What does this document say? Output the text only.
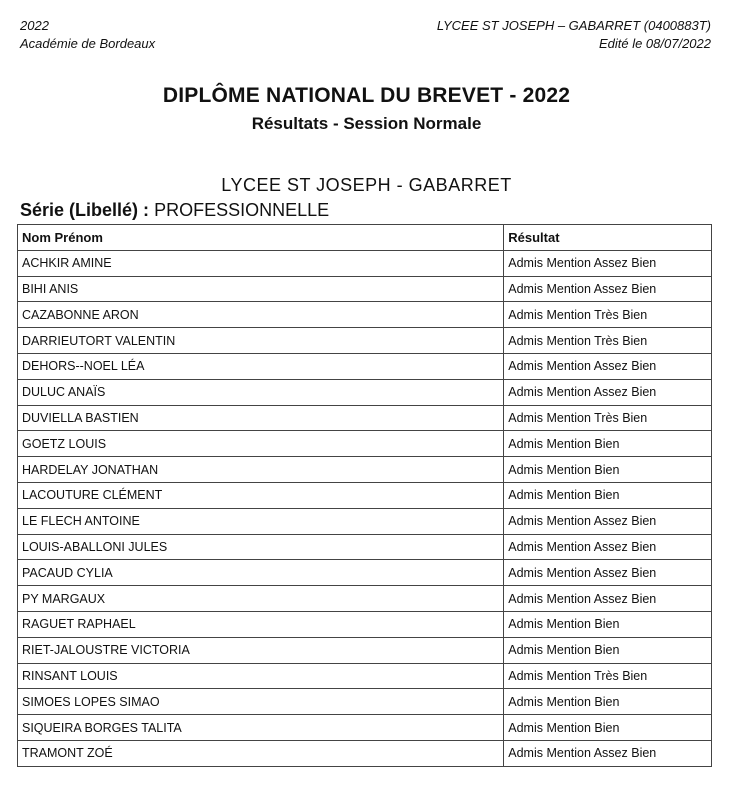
2022
Académie de Bordeaux
LYCEE ST JOSEPH – GABARRET (0400883T)
Edité le 08/07/2022
DIPLÔME NATIONAL DU BREVET - 2022
Résultats - Session Normale
LYCEE ST JOSEPH - GABARRET
Série (Libellé) : PROFESSIONNELLE
Nom Prénom	Résultat
ACHKIR AMINE	Admis Mention Assez Bien
BIHI ANIS	Admis Mention Assez Bien
CAZABONNE ARON	Admis Mention Très Bien
DARRIEUTORT VALENTIN	Admis Mention Très Bien
DEHORS--NOEL LÉA	Admis Mention Assez Bien
DULUC ANAÏS	Admis Mention Assez Bien
DUVIELLA BASTIEN	Admis Mention Très Bien
GOETZ LOUIS	Admis Mention Bien
HARDELAY JONATHAN	Admis Mention Bien
LACOUTURE CLÉMENT	Admis Mention Bien
LE FLECH ANTOINE	Admis Mention Assez Bien
LOUIS-ABALLONI JULES	Admis Mention Assez Bien
PACAUD CYLIA	Admis Mention Assez Bien
PY MARGAUX	Admis Mention Assez Bien
RAGUET RAPHAEL	Admis Mention Bien
RIET-JALOUSTRE VICTORIA	Admis Mention Bien
RINSANT LOUIS	Admis Mention Très Bien
SIMOES LOPES SIMAO	Admis Mention Bien
SIQUEIRA BORGES TALITA	Admis Mention Bien
TRAMONT ZOÉ	Admis Mention Assez Bien
